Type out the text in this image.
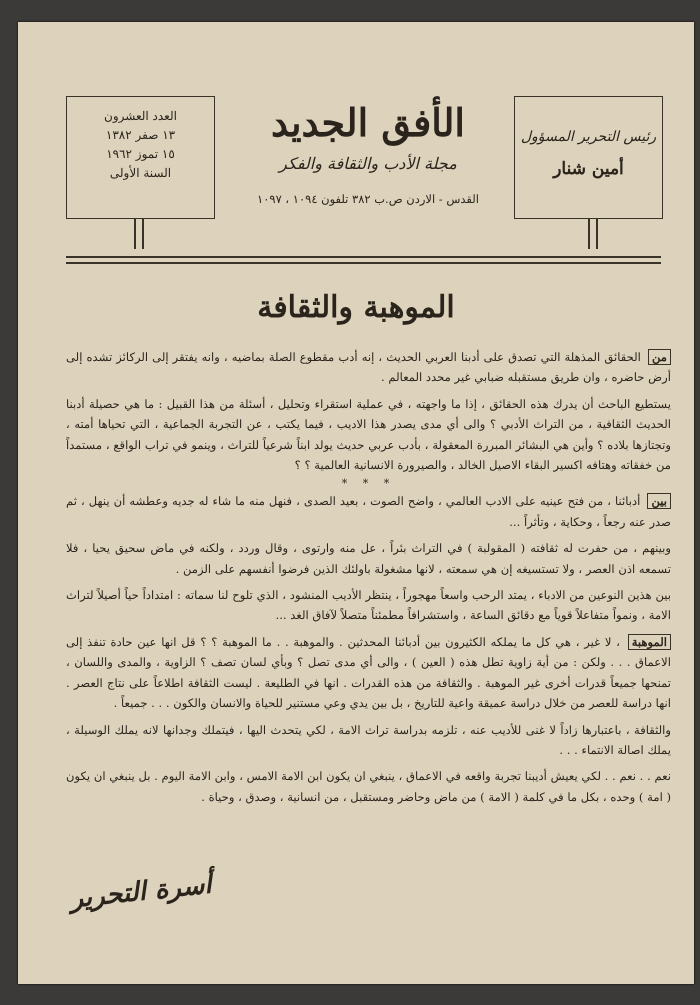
العدد العشرون
١٣ صفر ١٣٨٢
١٥ تموز ١٩٦٢
السنة الأولى
رئيس التحرير المسؤول
أمين شنار
الأفق الجديد
مجلة الأدب والثقافة والفكر
القدس - الاردن ص.ب ٣٨٢ تلفون ١٠٩٤ ، ١٠٩٧
الموهبة والثقافة

من الحقائق المذهلة التي تصدق على أدبنا العربي الحديث ، إنه أدب مقطوع الصلة بماضيه ، وانه يفتقر إلى الركائز تشده إلى أرض حاضره ، وان طريق مستقبله ضبابي غير محدد المعالم .

يستطيع الباحث أن يدرك هذه الحقائق ، إذا ما واجهته ، في عملية استقراء وتحليل ، أسئلة من هذا القبيل : ما هي حصيلة أدبنا الحديث الثقافية ، من التراث الأدبي ؟ والى أي مدى يصدر هذا الاديب ، فيما يكتب ، عن التجربة الجماعية ، التي تحياها أمته ، وتجتازها بلاده ؟ وأين هي البشائر المبررة المعقولة ، بأدب عربي حديث يولد ابناً شرعياً للتراث ، وينمو في تراب الواقع ، مستمداً من خفقاته وهتافه اكسير البقاء الاصيل الخالد ، والصيرورة الانسانية العالمية ؟ ؟

* * *

بين أدبائنا ، من فتح عينيه على الادب العالمي ، واضح الصوت ، بعيد الصدى ، فنهل منه ما شاء له جديه وعطشه أن ينهل ، ثم صدر عنه رجعاً ، وحكاية ، وتأثراً ...

وبينهم ، من حفرت له ثقافته ( المقولبة ) في التراث بئراً ، عل منه وارتوى ، وقال وردد ، ولكنه في ماض سحيق يحيا ، فلا تسمعه اذن العصر ، ولا تستسيغه إن هي سمعته ، لانها مشغولة باولئك الذين فرضوا أنفسهم على الزمن .

بين هذين النوعين من الادباء ، يمتد الرحب واسعاً مهجوراً ، ينتظر الأديب المنشود ، الذي تلوح لنا سماته : امتداداً حياً أصيلاً لتراث الامة ، ونمواً متفاعلاً قوياً مع دقائق الساعة ، واستشرافاً مطمئناً متصلاً لآفاق الغد ...

الموهبة ، لا غير ، هي كل ما يملكه الكثيرون بين أدبائنا المحدثين . والموهبة . . ما الموهبة ؟ ؟ قل انها عين حادة تنفذ إلى الاعماق . . . ولكن : من أية زاوية تطل هذه ( العين ) ، والى أي مدى تصل ؟ وبأي لسان تصف ؟ الزاوية ، والمدى واللسان ، تمنحها جميعاً قدرات أخرى غير الموهبة . والثقافة من هذه القدرات . انها في الطليعة . ليست الثقافة اطلاعاً على نتاج العصر . انها دراسة للعصر من خلال دراسة عميقة واعية للتاريخ ، بل بين يدي وعي مستنير للحياة والانسان والكون . . . جميعاً .

والثقافة ، باعتبارها زاداً لا غنى للأديب عنه ، تلزمه بدراسة تراث الامة ، لكي يتحدث اليها ، فيتملك وجدانها لانه يملك الوسيلة ، يملك اصالة الانتماء . . .

نعم . . نعم . . لكي يعيش أديبنا تجربة واقعه في الاعماق ، ينبغي ان يكون ابن الامة الامس ، وابن الامة اليوم . بل ينبغي ان يكون ( امة ) وحده ، بكل ما في كلمة ( الامة ) من ماض وحاضر ومستقبل ، من انسانية ، وصدق ، وحياة .

أسرة التحرير
